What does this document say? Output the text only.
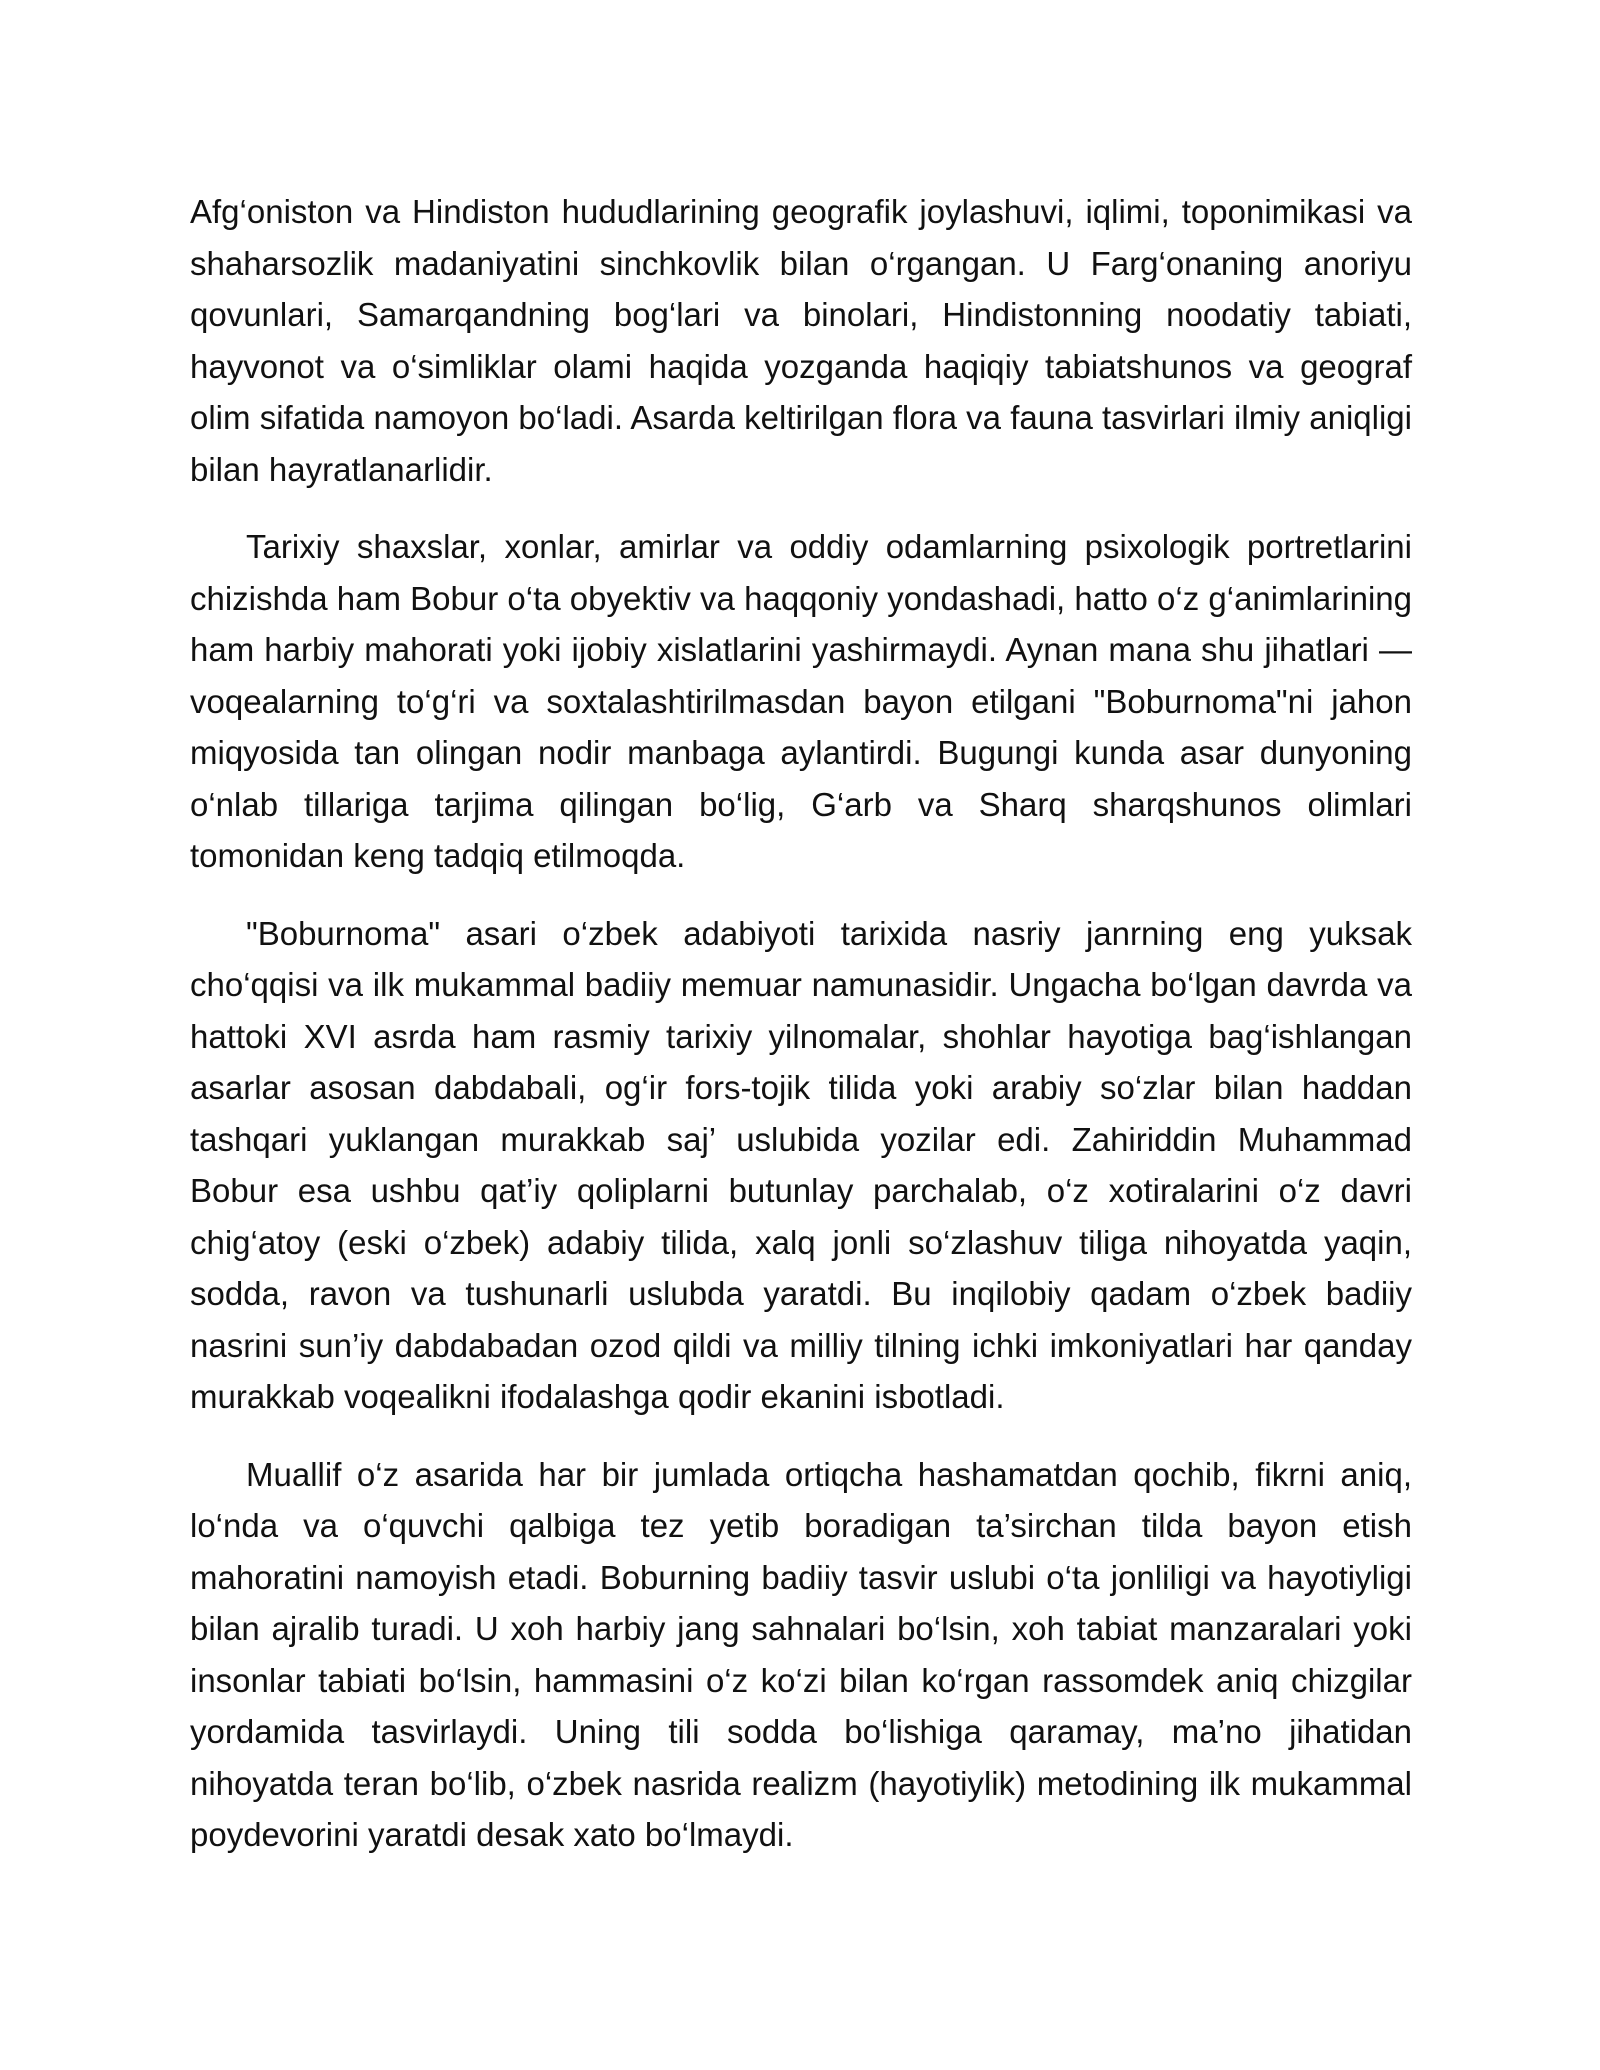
Afg‘oniston va Hindiston hududlarining geografik joylashuvi, iqlimi, toponimikasi va shaharsozlik madaniyatini sinchkovlik bilan o‘rgangan. U Farg‘onaning anoriyu qovunlari, Samarqandning bog‘lari va binolari, Hindistonning noodatiy tabiati, hayvonot va o‘simliklar olami haqida yozganda haqiqiy tabiatshunos va geograf olim sifatida namoyon bo‘ladi. Asarda keltirilgan flora va fauna tasvirlari ilmiy aniqligi bilan hayratlanarlidir.

Tarixiy shaxslar, xonlar, amirlar va oddiy odamlarning psixologik portretlarini chizishda ham Bobur o‘ta obyektiv va haqqoniy yondashadi, hatto o‘z g‘animlarining ham harbiy mahorati yoki ijobiy xislatlarini yashirmaydi. Aynan mana shu jihatlari — voqealarning to‘g‘ri va soxtalashtirilmasdan bayon etilgani "Boburnoma"ni jahon miqyosida tan olingan nodir manbaga aylantirdi. Bugungi kunda asar dunyoning o‘nlab tillariga tarjima qilingan bo‘lig, G‘arb va Sharq sharqshunos olimlari tomonidan keng tadqiq etilmoqda.

"Boburnoma" asari o‘zbek adabiyoti tarixida nasriy janrning eng yuksak cho‘qqisi va ilk mukammal badiiy memuar namunasidir. Ungacha bo‘lgan davrda va hattoki XVI asrda ham rasmiy tarixiy yilnomalar, shohlar hayotiga bag‘ishlangan asarlar asosan dabdabali, og‘ir fors-tojik tilida yoki arabiy so‘zlar bilan haddan tashqari yuklangan murakkab saj’ uslubida yozilar edi. Zahiriddin Muhammad Bobur esa ushbu qat’iy qoliplarni butunlay parchalab, o‘z xotiralarini o‘z davri chig‘atoy (eski o‘zbek) adabiy tilida, xalq jonli so‘zlashuv tiliga nihoyatda yaqin, sodda, ravon va tushunarli uslubda yaratdi. Bu inqilobiy qadam o‘zbek badiiy nasrini sun’iy dabdabadan ozod qildi va milliy tilning ichki imkoniyatlari har qanday murakkab voqealikni ifodalashga qodir ekanini isbotladi.

Muallif o‘z asarida har bir jumlada ortiqcha hashamatdan qochib, fikrni aniq, lo‘nda va o‘quvchi qalbiga tez yetib boradigan ta’sirchan tilda bayon etish mahoratini namoyish etadi. Boburning badiiy tasvir uslubi o‘ta jonliligi va hayotiyligi bilan ajralib turadi. U xoh harbiy jang sahnalari bo‘lsin, xoh tabiat manzaralari yoki insonlar tabiati bo‘lsin, hammasini o‘z ko‘zi bilan ko‘rgan rassomdek aniq chizgilar yordamida tasvirlaydi. Uning tili sodda bo‘lishiga qaramay, ma’no jihatidan nihoyatda teran bo‘lib, o‘zbek nasrida realizm (hayotiylik) metodining ilk mukammal poydevorini yaratdi desak xato bo‘lmaydi.
